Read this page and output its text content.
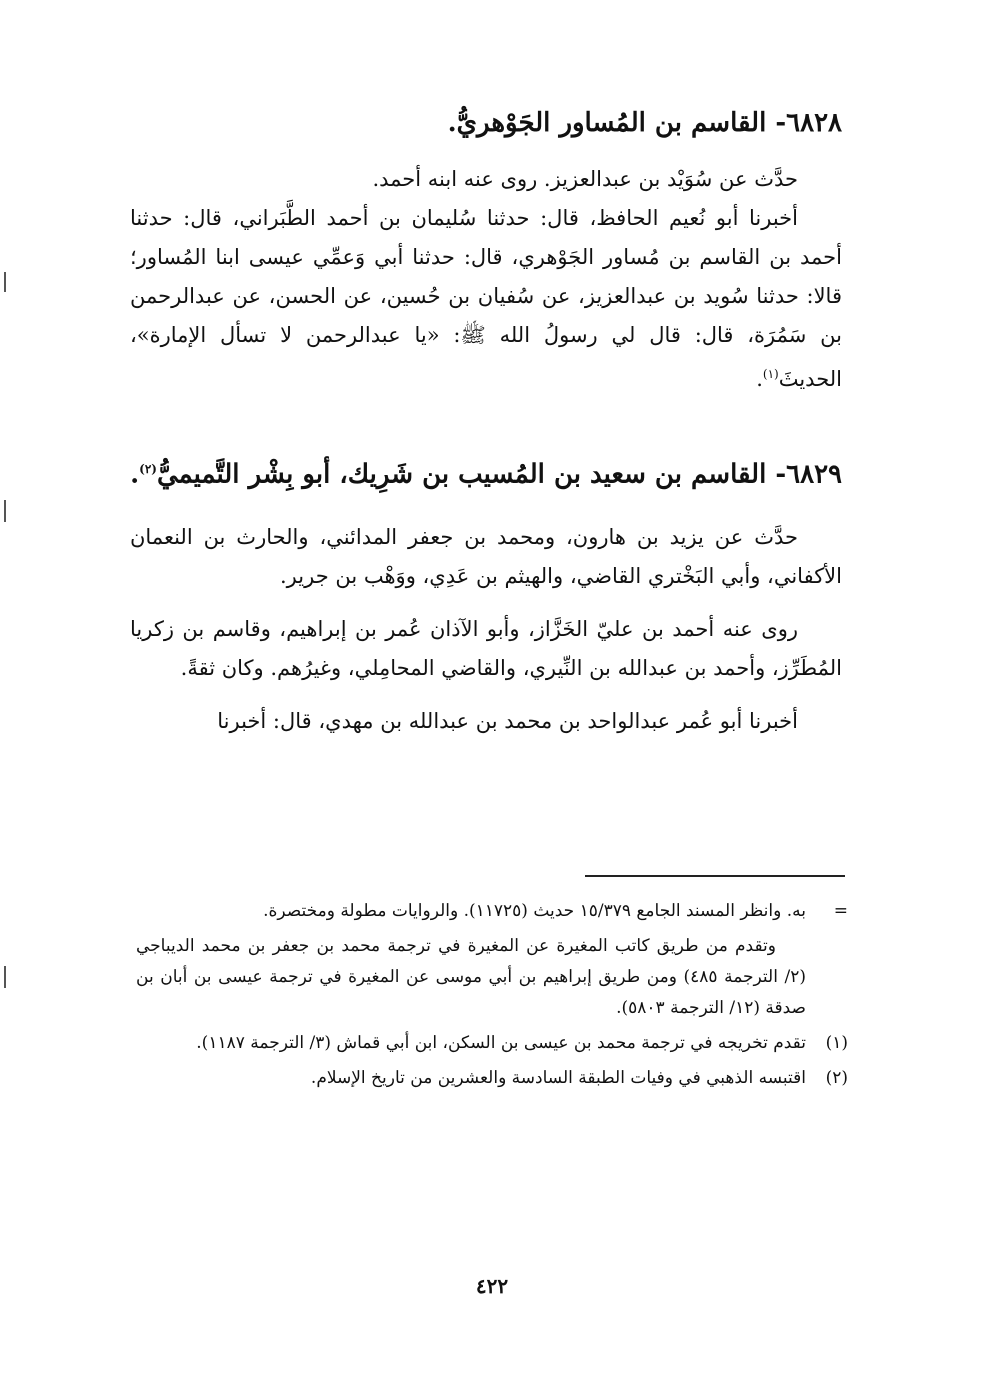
٦٨٢٨- القاسم بن المُساور الجَوْهريُّ.

حدَّث عن سُوَيْد بن عبدالعزيز. روى عنه ابنه أحمد.

أخبرنا أبو نُعيم الحافظ، قال: حدثنا سُليمان بن أحمد الطَّبَراني، قال: حدثنا أحمد بن القاسم بن مُساور الجَوْهري، قال: حدثنا أبي وَعمِّي عيسى ابنا المُساور؛ قالا: حدثنا سُويد بن عبدالعزيز، عن سُفيان بن حُسين، عن الحسن، عن عبدالرحمن بن سَمُرَة، قال: قال لي رسولُ الله ﷺ: «يا عبدالرحمن لا تسأل الإمارة»، الحديثَ$^{(١)}$.

٦٨٢٩- القاسم بن سعيد بن المُسيب بن شَرِيك، أبو بِشْر التَّميميُّ$^{(٢)}$.

حدَّث عن يزيد بن هارون، ومحمد بن جعفر المدائني، والحارث بن النعمان الأكفاني، وأبي البَخْتري القاضي، والهيثم بن عَدِي، ووَهْب بن جرير.

روى عنه أحمد بن عليّ الخَزَّاز، وأبو الآذان عُمر بن إبراهيم، وقاسم بن زكريا المُطَرِّز، وأحمد بن عبدالله بن النِّيري، والقاضي المحامِلي، وغيرُهم. وكان ثقةً.

أخبرنا أبو عُمر عبدالواحد بن محمد بن عبدالله بن مهدي، قال: أخبرنا

=
به. وانظر المسند الجامع ١٥/٣٧٩ حديث (١١٧٢٥). والروايات مطولة ومختصرة.
وتقدم من طريق كاتب المغيرة عن المغيرة في ترجمة محمد بن جعفر بن محمد الديباجي (٢/ الترجمة ٤٨٥) ومن طريق إبراهيم بن أبي موسى عن المغيرة في ترجمة عيسى بن أبان بن صدقة (١٢/ الترجمة ٥٨٠٣).
(١)
تقدم تخريجه في ترجمة محمد بن عيسى بن السكن، ابن أبي قماش (٣/ الترجمة ١١٨٧).
(٢)
اقتبسه الذهبي في وفيات الطبقة السادسة والعشرين من تاريخ الإسلام.
٤٢٢
